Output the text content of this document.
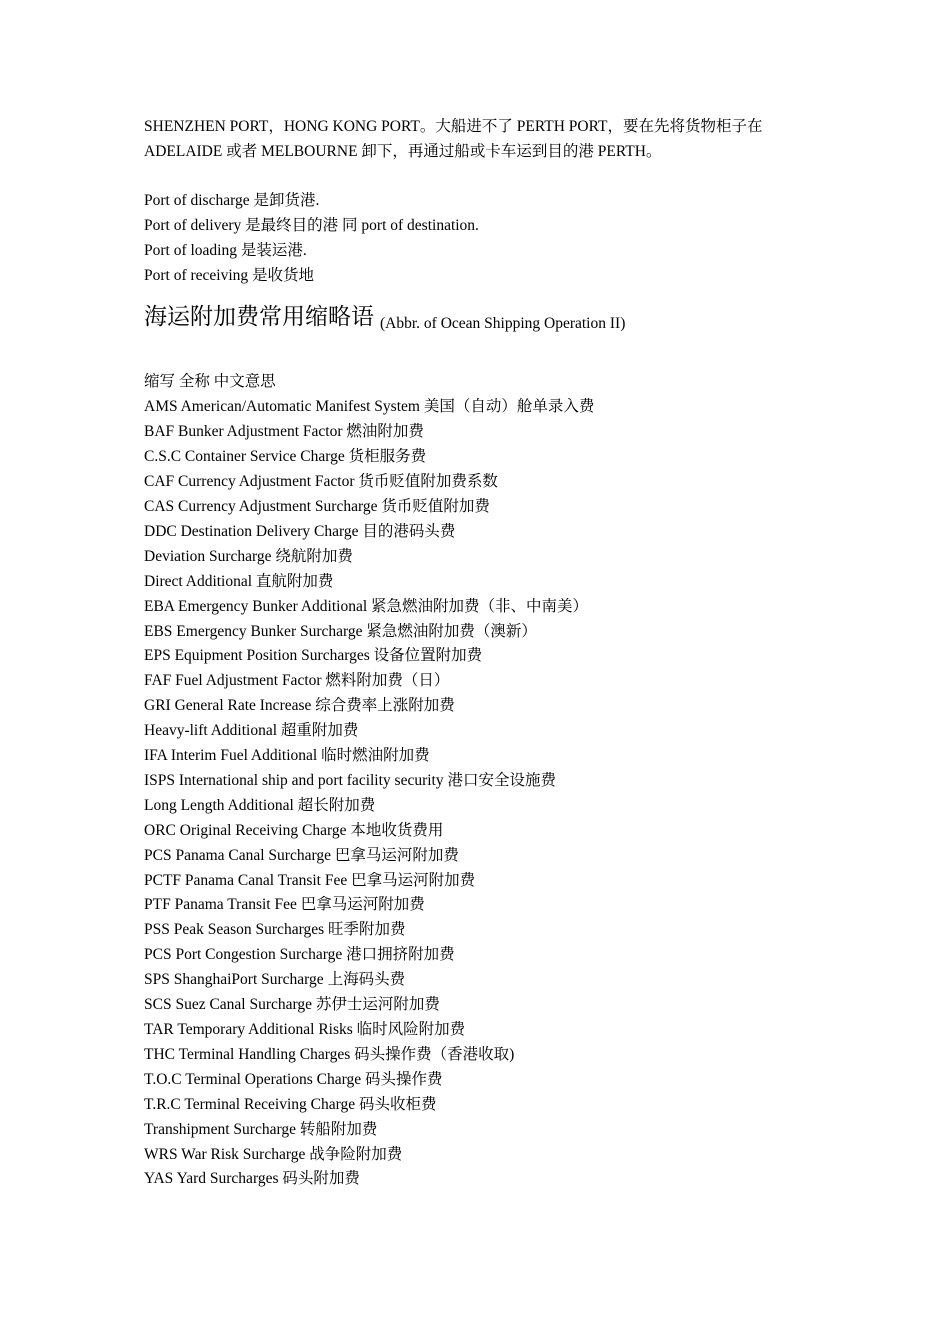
SHENZHEN PORT，HONG KONG PORT。大船进不了 PERTH PORT，要在先将货物柜子在

ADELAIDE 或者 MELBOURNE 卸下，再通过船或卡车运到目的港 PERTH。

Port of discharge 是卸货港.
Port of delivery 是最终目的港 同 port of destination.
Port of loading 是装运港.
Port of receiving 是收货地
海运附加费常用缩略语 (Abbr. of Ocean Shipping Operation II)
缩写 全称 中文意思
AMS American/Automatic Manifest System 美国（自动）舱单录入费
BAF Bunker Adjustment Factor 燃油附加费
C.S.C Container Service Charge 货柜服务费
CAF Currency Adjustment Factor 货币贬值附加费系数
CAS Currency Adjustment Surcharge 货币贬值附加费
DDC Destination Delivery Charge 目的港码头费
Deviation Surcharge 绕航附加费
Direct Additional 直航附加费
EBA Emergency Bunker Additional 紧急燃油附加费（非、中南美）
EBS Emergency Bunker Surcharge 紧急燃油附加费（澳新）
EPS Equipment Position Surcharges 设备位置附加费
FAF Fuel Adjustment Factor 燃料附加费（日）
GRI General Rate Increase 综合费率上涨附加费
Heavy-lift Additional 超重附加费
IFA Interim Fuel Additional 临时燃油附加费
ISPS International ship and port facility security 港口安全设施费
Long Length Additional 超长附加费
ORC Original Receiving Charge 本地收货费用
PCS Panama Canal Surcharge 巴拿马运河附加费
PCTF Panama Canal Transit Fee 巴拿马运河附加费
PTF Panama Transit Fee 巴拿马运河附加费
PSS Peak Season Surcharges 旺季附加费
PCS Port Congestion Surcharge 港口拥挤附加费
SPS ShanghaiPort Surcharge 上海码头费
SCS Suez Canal Surcharge 苏伊士运河附加费
TAR Temporary Additional Risks 临时风险附加费
THC Terminal Handling Charges 码头操作费（香港收取)
T.O.C Terminal Operations Charge 码头操作费
T.R.C Terminal Receiving Charge 码头收柜费
Transhipment Surcharge 转船附加费
WRS War Risk Surcharge 战争险附加费
YAS Yard Surcharges 码头附加费
